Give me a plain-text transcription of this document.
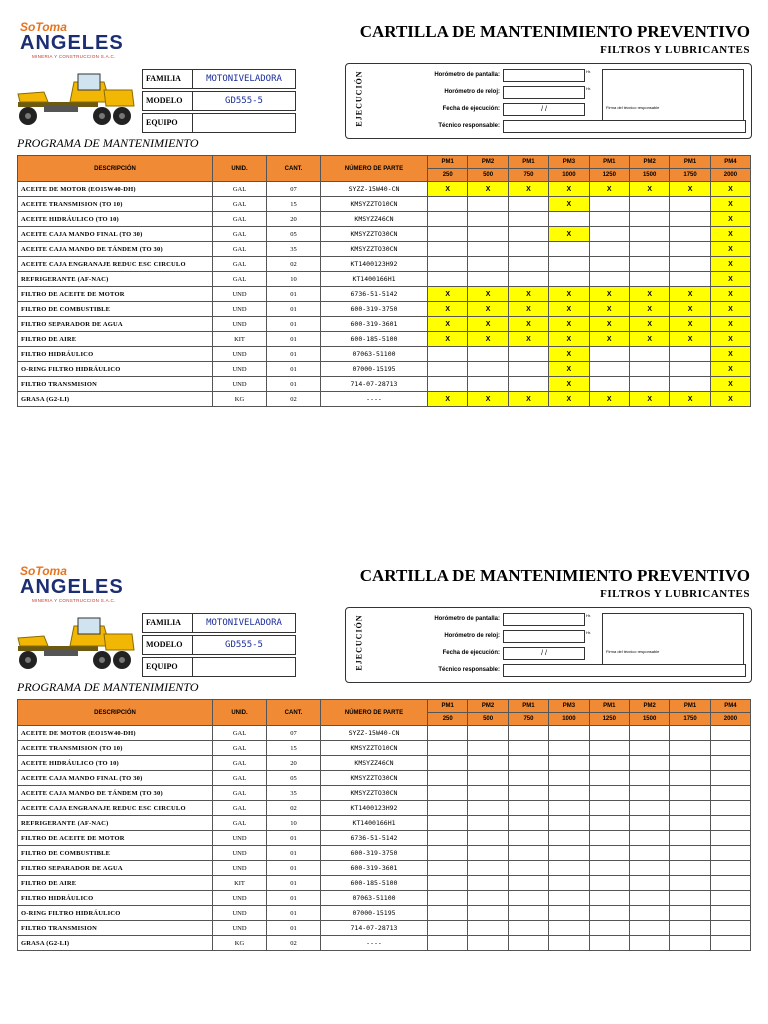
SoToma
ANGELES
MINERIA Y CONSTRUCCION S.A.C.
CARTILLA DE MANTENIMIENTO PREVENTIVO
FILTROS Y LUBRICANTES
FAMILIA	MOTONIVELADORA
MODELO	GD555-5
EQUIPO	EJECUCIÓN	Horómetro de pantalla:
Hr.
Horómetro de reloj:
Hr.
Fecha de ejecución:	/ /
Técnico responsable:
Firma del técnico responsable
PROGRAMA DE MANTENIMIENTO
DESCRIPCIÓN	UNID.	CANT.	NÚMERO DE PARTE	PM1	PM2	PM1	PM3	PM1	PM2	PM1	PM4
				250	500	750	1000	1250	1500	1750	2000
ACEITE DE MOTOR (EO15W40-DH)	GAL	07	SYZZ-15W40-CN	X	X	X	X	X	X	X	X
ACEITE TRANSMISION (TO 10)	GAL	15	KMSYZZTO10CN				X				X
ACEITE HIDRÁULICO (TO 10)	GAL	20	KMSYZZ46CN								X
ACEITE CAJA MANDO FINAL (TO 30)	GAL	05	KMSYZZTO30CN				X				X
ACEITE CAJA MANDO DE TÁNDEM (TO 30)	GAL	35	KMSYZZTO30CN								X
ACEITE CAJA ENGRANAJE REDUC ESC CIRCULO	GAL	02	KT1400123H92								X
REFRIGERANTE (AF-NAC)	GAL	10	KT1400166H1								X
FILTRO DE ACEITE DE MOTOR	UND	01	6736-51-5142	X	X	X	X	X	X	X	X
FILTRO DE COMBUSTIBLE	UND	01	600-319-3750	X	X	X	X	X	X	X	X
FILTRO SEPARADOR DE AGUA	UND	01	600-319-3601	X	X	X	X	X	X	X	X
FILTRO DE AIRE	KIT	01	600-185-5100	X	X	X	X	X	X	X	X
FILTRO HIDRÁULICO	UND	01	07063-51100				X				X
O-RING FILTRO HIDRÁULICO	UND	01	07000-15195				X				X
FILTRO TRANSMISION	UND	01	714-07-28713				X				X
GRASA (G2-LI)	KG	02	----	X	X	X	X	X	X	X	X
SoToma
ANGELES
MINERIA Y CONSTRUCCION S.A.C.
CARTILLA DE MANTENIMIENTO PREVENTIVO
FILTROS Y LUBRICANTES
FAMILIA	MOTONIVELADORA
MODELO	GD555-5
EQUIPO	EJECUCIÓN	Horómetro de pantalla:
Hr.
Horómetro de reloj:
Hr.
Fecha de ejecución:	/ /
Técnico responsable:
Firma del técnico responsable
PROGRAMA DE MANTENIMIENTO
DESCRIPCIÓN	UNID.	CANT.	NÚMERO DE PARTE	PM1	PM2	PM1	PM3	PM1	PM2	PM1	PM4
				250	500	750	1000	1250	1500	1750	2000
ACEITE DE MOTOR (EO15W40-DH)	GAL	07	SYZZ-15W40-CN								
ACEITE TRANSMISION (TO 10)	GAL	15	KMSYZZTO10CN								
ACEITE HIDRÁULICO (TO 10)	GAL	20	KMSYZZ46CN								
ACEITE CAJA MANDO FINAL (TO 30)	GAL	05	KMSYZZTO30CN								
ACEITE CAJA MANDO DE TÁNDEM (TO 30)	GAL	35	KMSYZZTO30CN								
ACEITE CAJA ENGRANAJE REDUC ESC CIRCULO	GAL	02	KT1400123H92								
REFRIGERANTE (AF-NAC)	GAL	10	KT1400166H1								
FILTRO DE ACEITE DE MOTOR	UND	01	6736-51-5142								
FILTRO DE COMBUSTIBLE	UND	01	600-319-3750								
FILTRO SEPARADOR DE AGUA	UND	01	600-319-3601								
FILTRO DE AIRE	KIT	01	600-185-5100								
FILTRO HIDRÁULICO	UND	01	07063-51100								
O-RING FILTRO HIDRÁULICO	UND	01	07000-15195								
FILTRO TRANSMISION	UND	01	714-07-28713								
GRASA (G2-LI)	KG	02	----								
